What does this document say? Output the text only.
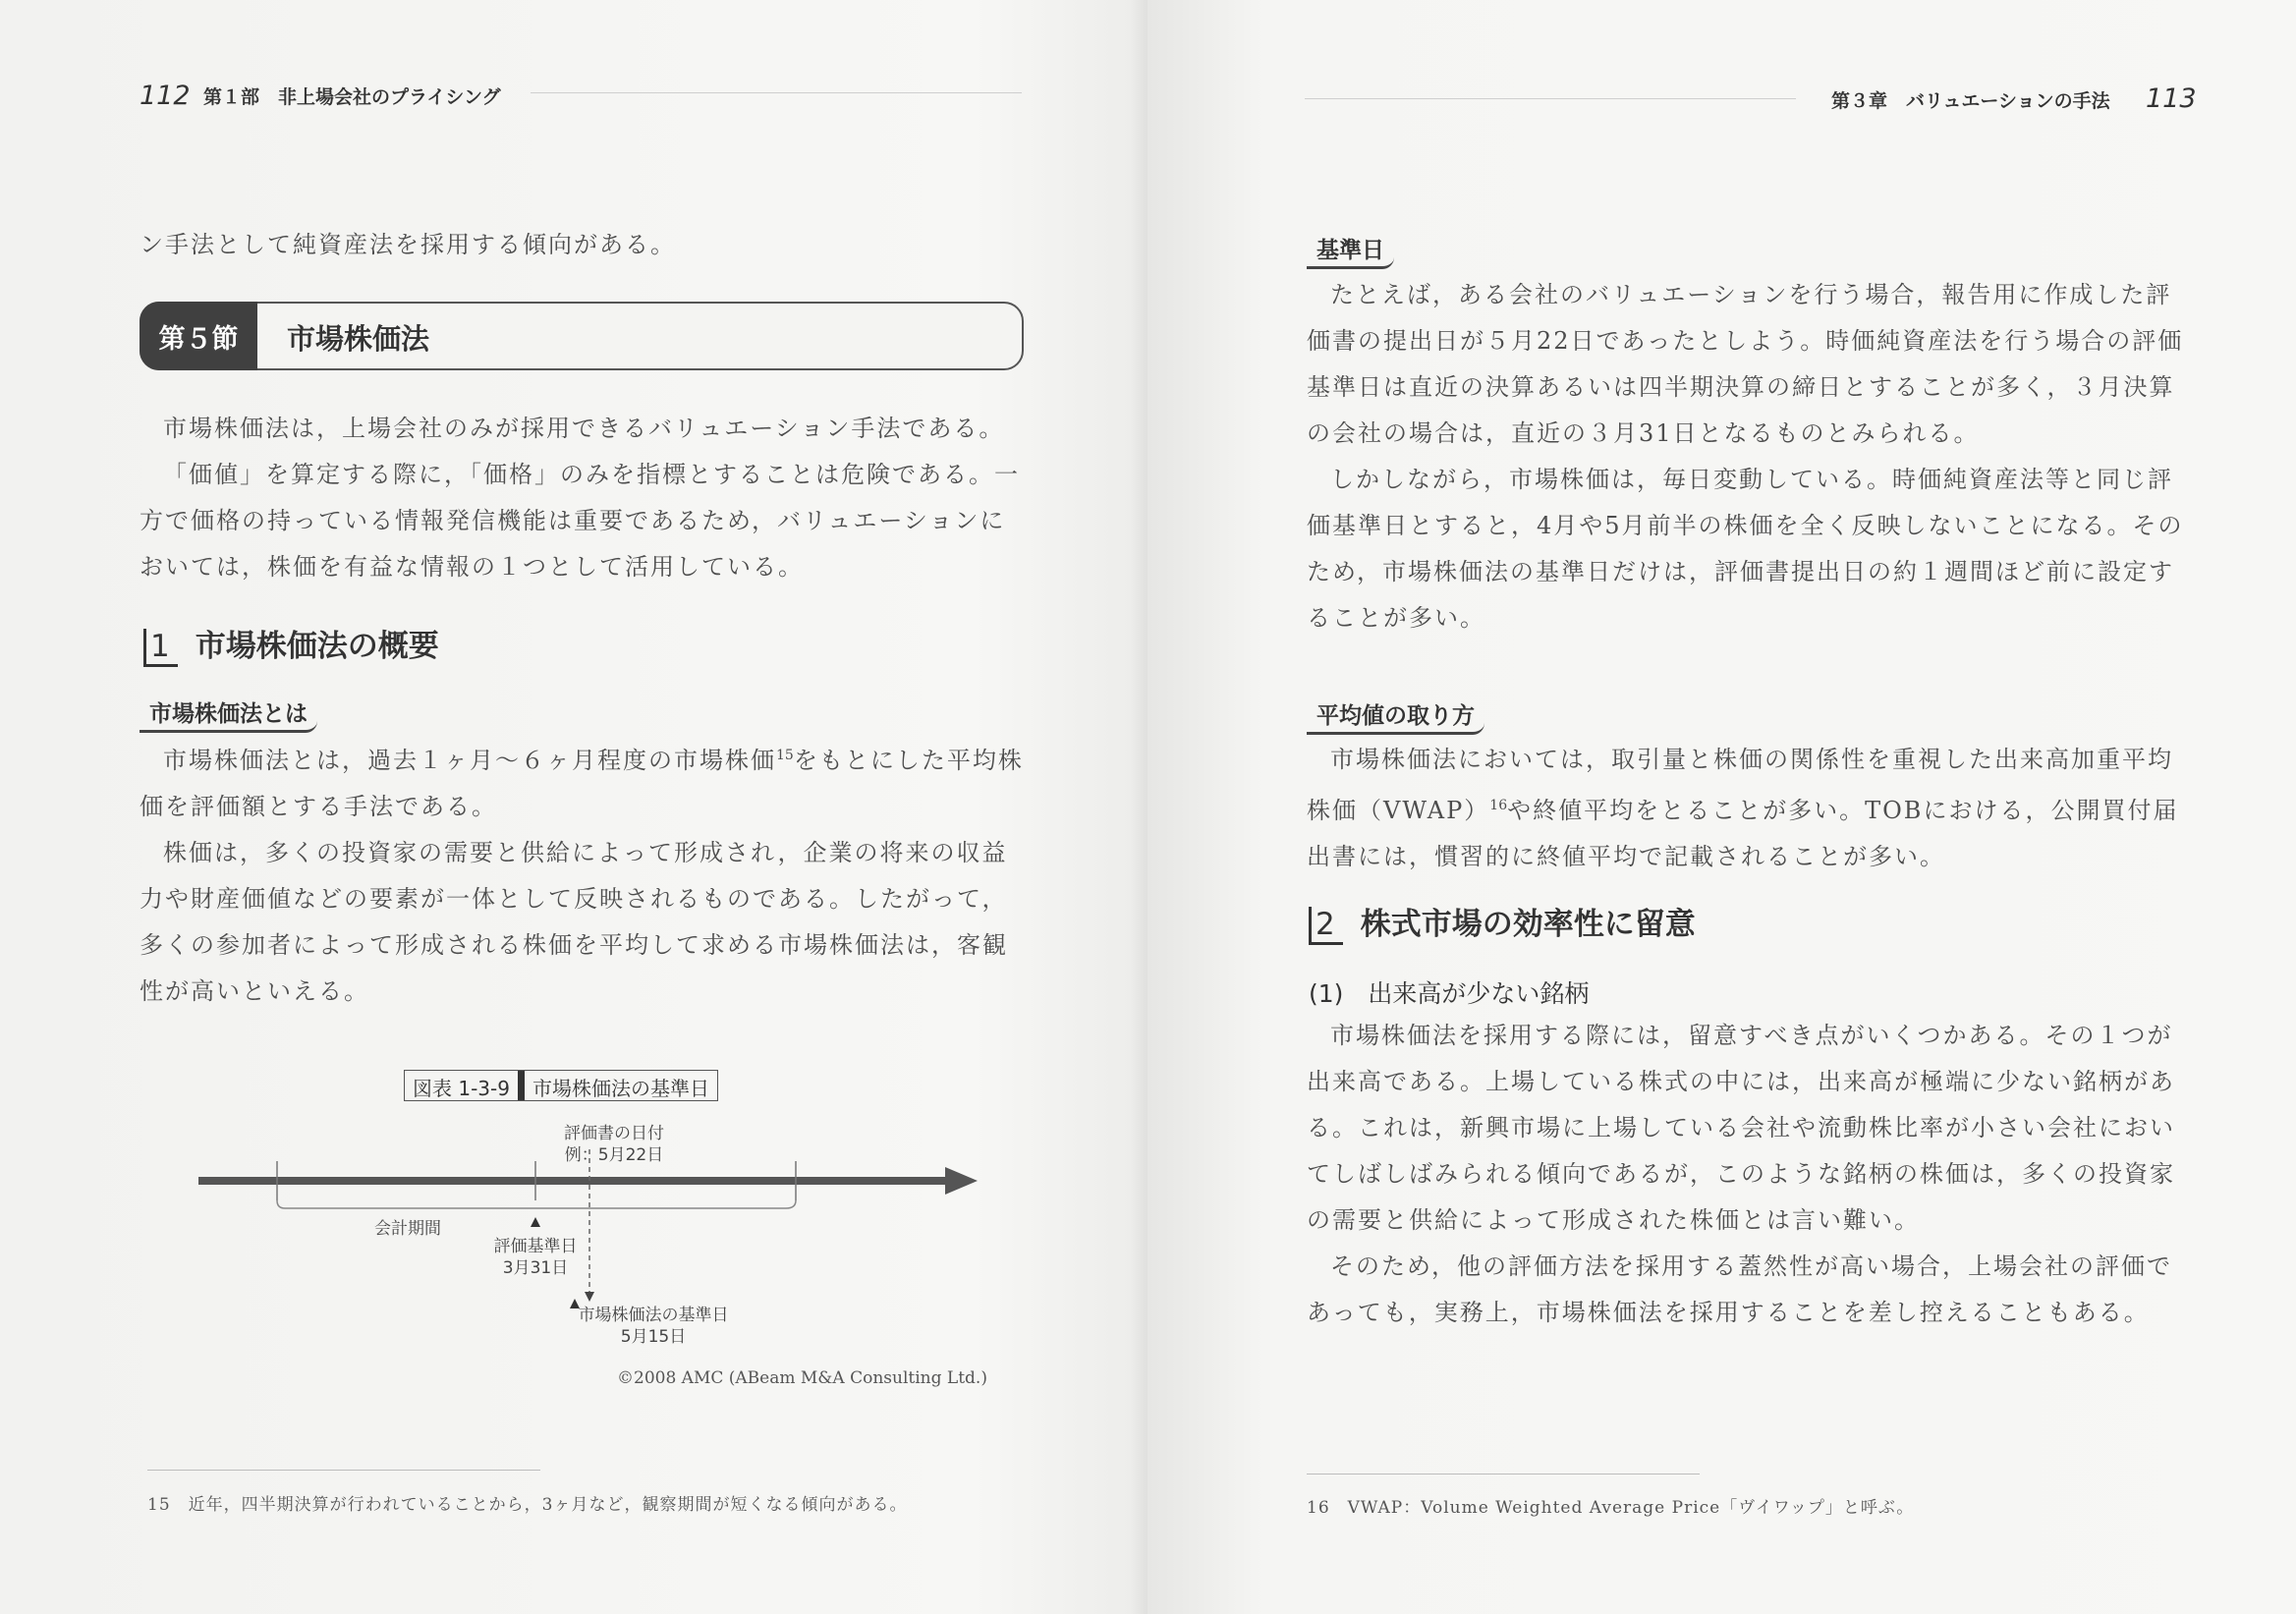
112 第１部　非上場会社のプライシング

ン手法として純資産法を採用する傾向がある。

第５節	市場株価法

市場株価法は，上場会社のみが採用できるバリュエーション手法である。

「価値」を算定する際に，「価格」のみを指標とすることは危険である。一方で価格の持っている情報発信機能は重要であるため，バリュエーションにおいては，株価を有益な情報の１つとして活用している。

1 市場株価法の概要
市場株価法とは

市場株価法とは，過去１ヶ月～６ヶ月程度の市場株価$^{15}$をもとにした平均株価を評価額とする手法である。

株価は，多くの投資家の需要と供給によって形成され，企業の将来の収益力や財産価値などの要素が一体として反映されるものである。したがって，多くの参加者によって形成される株価を平均して求める市場株価法は，客観性が高いといえる。

図表 1-3-9	市場株価法の基準日
評価書の日付
例：5月22日
会計期間
評価基準日
3月31日
市場株価法の基準日
5月15日
©2008 AMC (ABeam M&A Consulting Ltd.)
15　近年，四半期決算が行われていることから，3ヶ月など，観察期間が短くなる傾向がある。
第３章　バリュエーションの手法 113
基準日

たとえば，ある会社のバリュエーションを行う場合，報告用に作成した評価書の提出日が５月22日であったとしよう。時価純資産法を行う場合の評価基準日は直近の決算あるいは四半期決算の締日とすることが多く，３月決算の会社の場合は，直近の３月31日となるものとみられる。

しかしながら，市場株価は，毎日変動している。時価純資産法等と同じ評価基準日とすると，4月や5月前半の株価を全く反映しないことになる。そのため，市場株価法の基準日だけは，評価書提出日の約１週間ほど前に設定することが多い。

平均値の取り方

市場株価法においては，取引量と株価の関係性を重視した出来高加重平均株価（VWAP）$^{16}$や終値平均をとることが多い。TOBにおける，公開買付届出書には，慣習的に終値平均で記載されることが多い。

2 株式市場の効率性に留意
(1)　出来高が少ない銘柄

市場株価法を採用する際には，留意すべき点がいくつかある。その１つが出来高である。上場している株式の中には，出来高が極端に少ない銘柄がある。これは，新興市場に上場している会社や流動株比率が小さい会社においてしばしばみられる傾向であるが，このような銘柄の株価は，多くの投資家の需要と供給によって形成された株価とは言い難い。

そのため，他の評価方法を採用する蓋然性が高い場合，上場会社の評価であっても，実務上，市場株価法を採用することを差し控えることもある。

16　VWAP：Volume Weighted Average Price「ヴイワップ」と呼ぶ。
